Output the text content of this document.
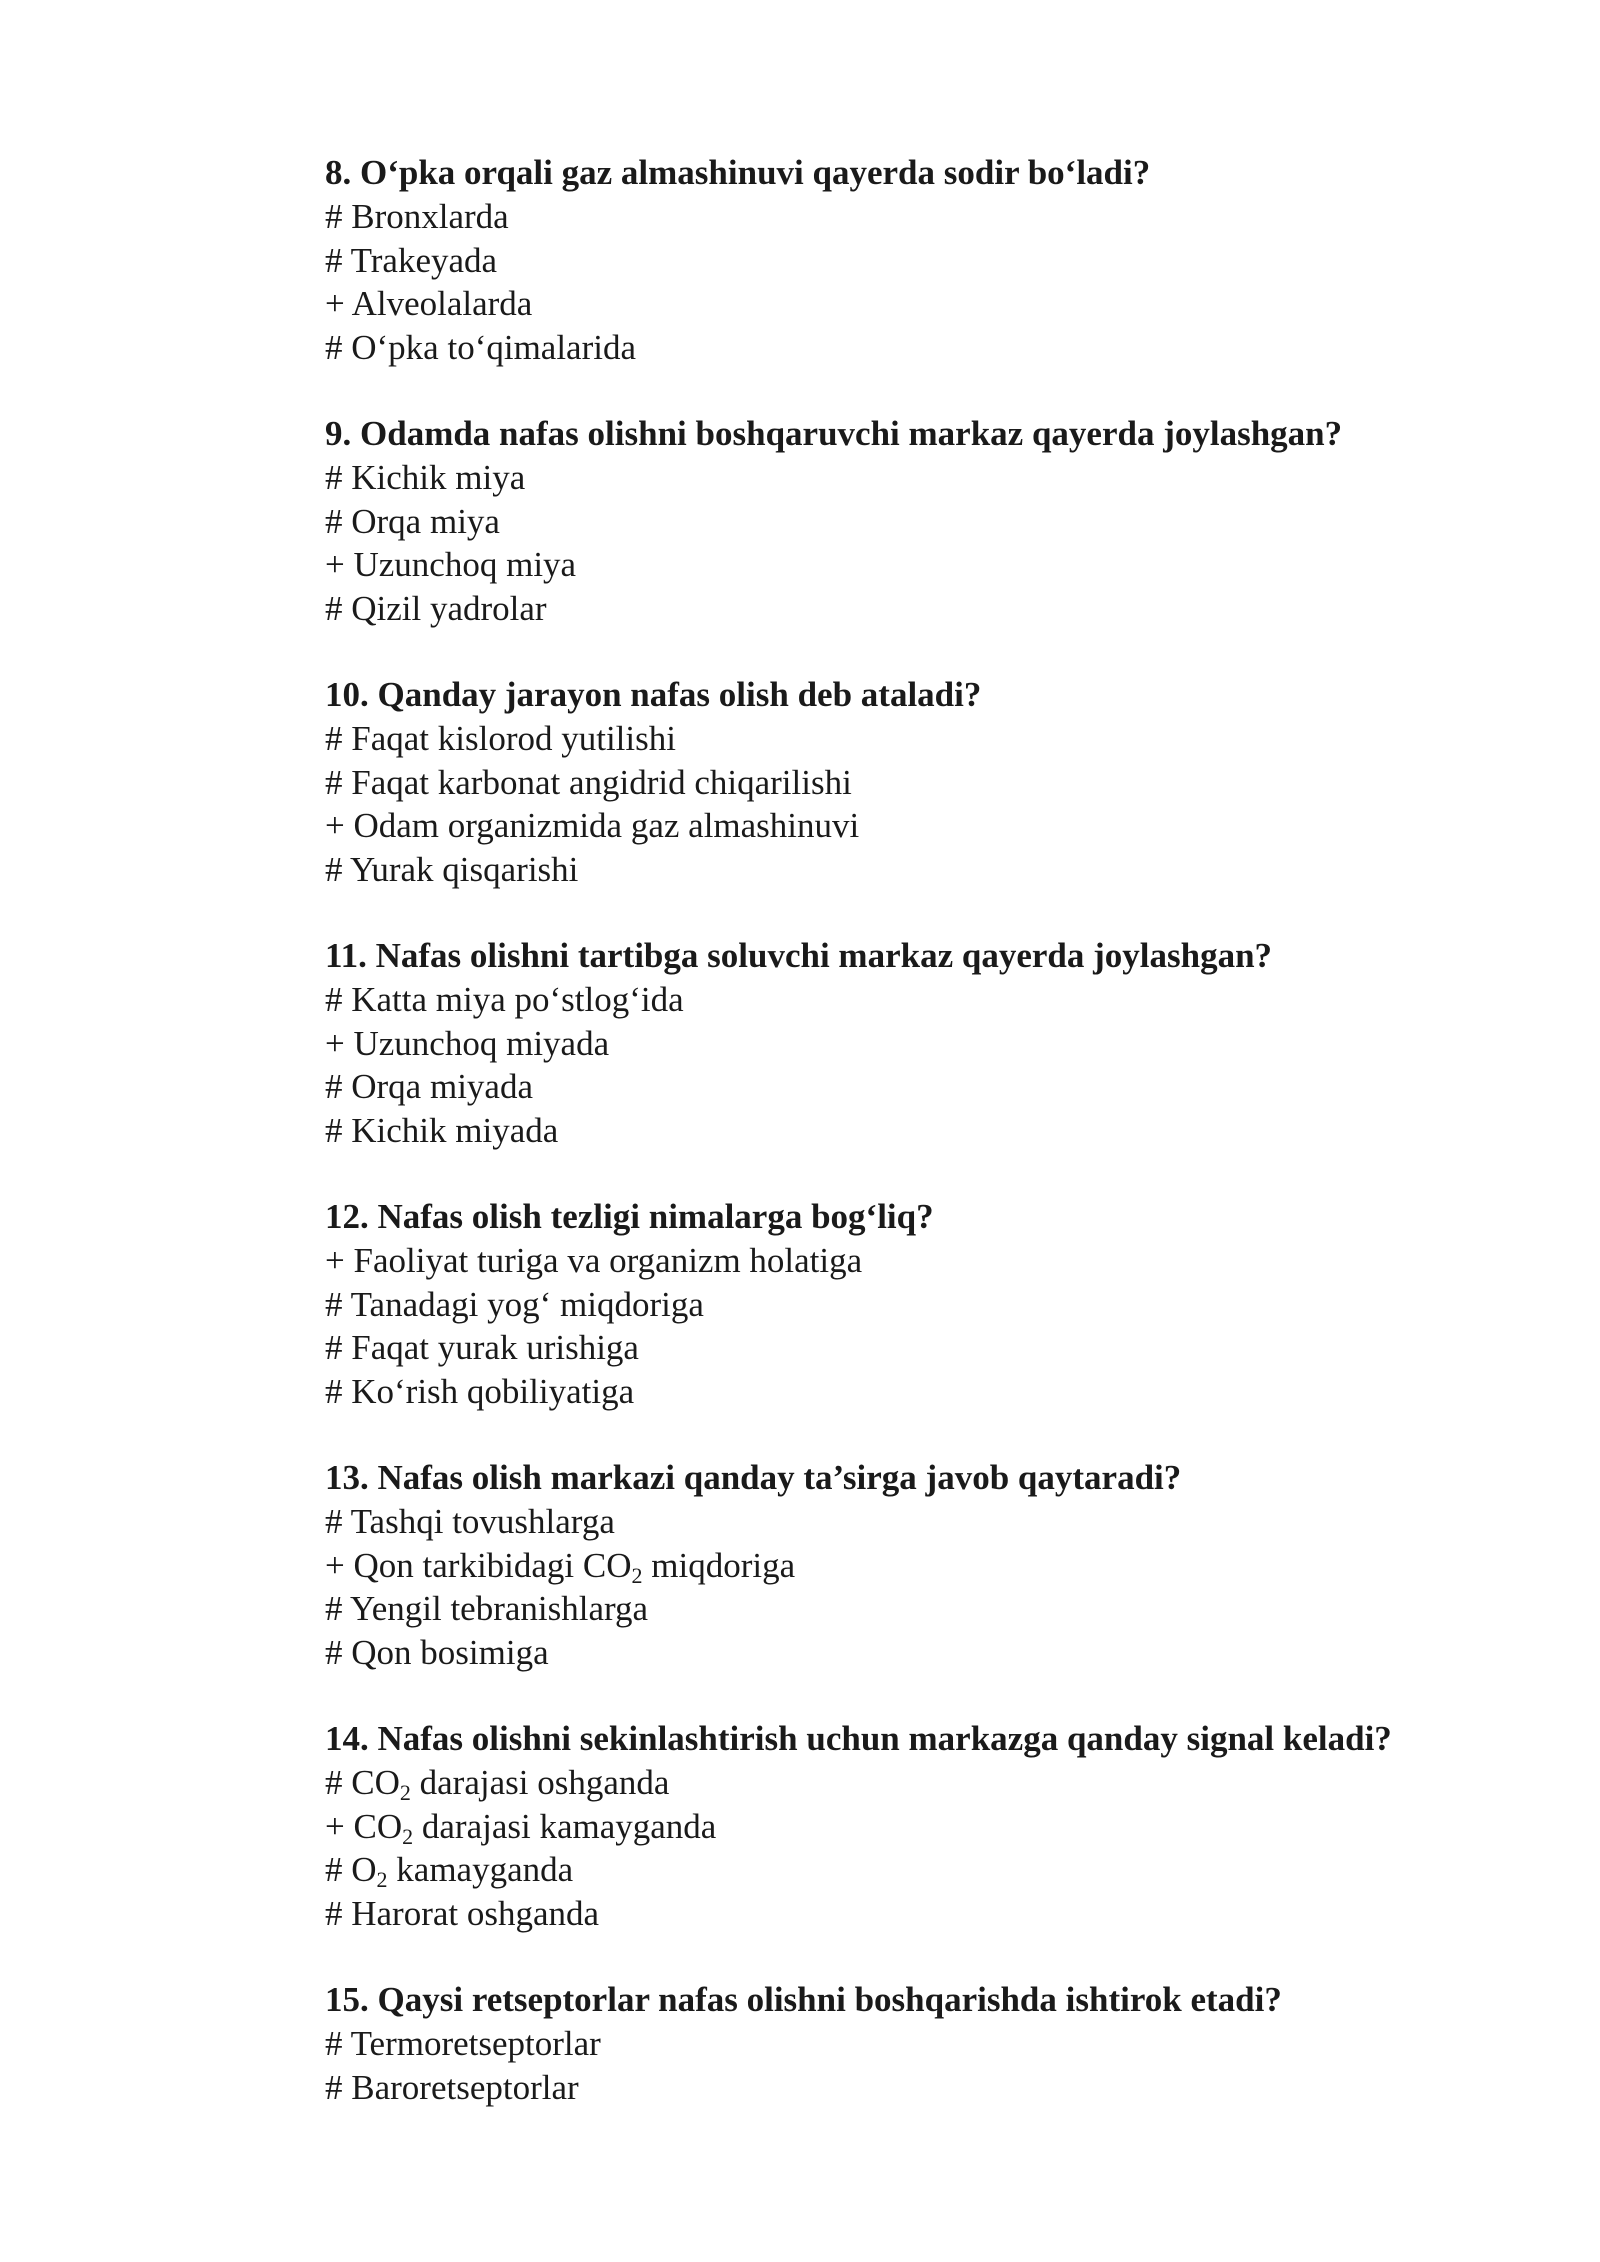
8. O‘pka orqali gaz almashinuvi qayerda sodir bo‘ladi?
# Bronxlarda
# Trakeyada
+ Alveolalarda
# O‘pka to‘qimalarida
9. Odamda nafas olishni boshqaruvchi markaz qayerda joylashgan?
# Kichik miya
# Orqa miya
+ Uzunchoq miya
# Qizil yadrolar
10. Qanday jarayon nafas olish deb ataladi?
# Faqat kislorod yutilishi
# Faqat karbonat angidrid chiqarilishi
+ Odam organizmida gaz almashinuvi
# Yurak qisqarishi
11. Nafas olishni tartibga soluvchi markaz qayerda joylashgan?
# Katta miya po‘stlog‘ida
+ Uzunchoq miyada
# Orqa miyada
# Kichik miyada
12. Nafas olish tezligi nimalarga bog‘liq?
+ Faoliyat turiga va organizm holatiga
# Tanadagi yog‘ miqdoriga
# Faqat yurak urishiga
# Ko‘rish qobiliyatiga
13. Nafas olish markazi qanday ta’sirga javob qaytaradi?
# Tashqi tovushlarga
+ Qon tarkibidagi $CO_2$ miqdoriga
# Yengil tebranishlarga
# Qon bosimiga
14. Nafas olishni sekinlashtirish uchun markazga qanday signal keladi?
# $CO_2$ darajasi oshganda
+ $CO_2$ darajasi kamayganda
# $O_2$ kamayganda
# Harorat oshganda
15. Qaysi retseptorlar nafas olishni boshqarishda ishtirok etadi?
# Termoretseptorlar
# Baroretseptorlar
